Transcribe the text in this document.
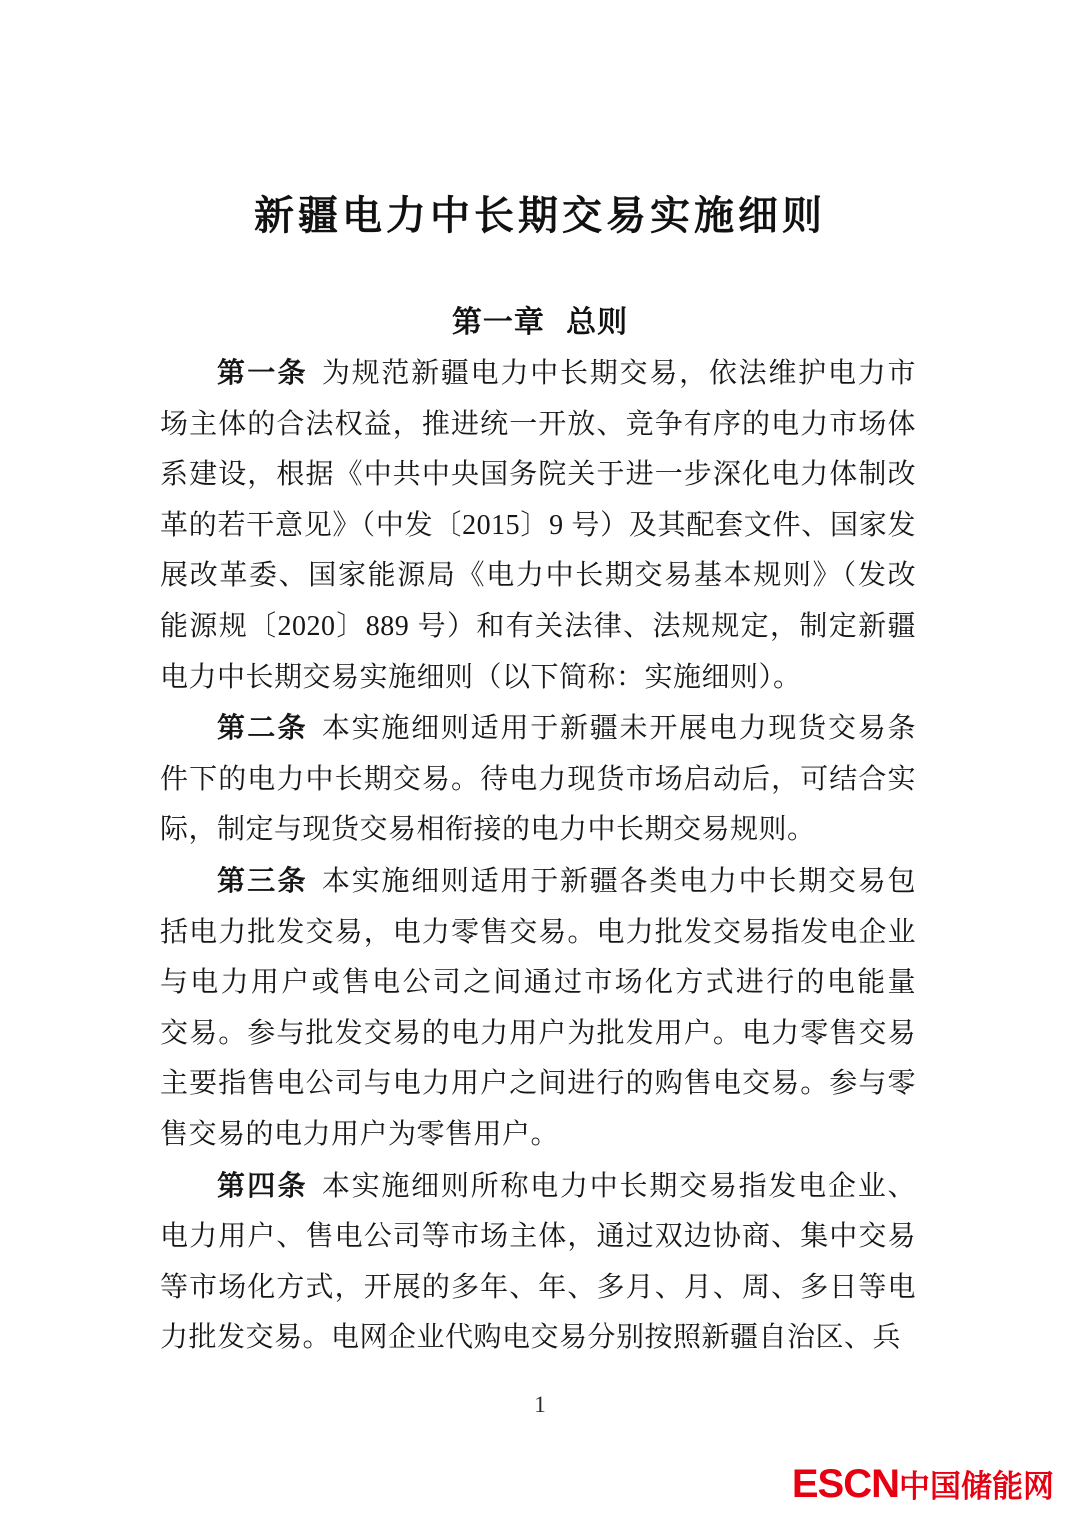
新疆电力中长期交易实施细则
第一章 总则
第一条 为规范新疆电力中长期交易，依法维护电力市
场主体的合法权益，推进统一开放、竞争有序的电力市场体
系建设，根据《中共中央国务院关于进一步深化电力体制改
革的若干意见》（中发〔2015〕9 号）及其配套文件、国家发
展改革委、国家能源局《电力中长期交易基本规则》（发改
能源规〔2020〕889 号）和有关法律、法规规定，制定新疆
电力中长期交易实施细则（以下简称：实施细则）。
第二条 本实施细则适用于新疆未开展电力现货交易条
件下的电力中长期交易。待电力现货市场启动后，可结合实
际，制定与现货交易相衔接的电力中长期交易规则。
第三条 本实施细则适用于新疆各类电力中长期交易包
括电力批发交易，电力零售交易。电力批发交易指发电企业
与电力用户或售电公司之间通过市场化方式进行的电能量
交易。参与批发交易的电力用户为批发用户。电力零售交易
主要指售电公司与电力用户之间进行的购售电交易。参与零
售交易的电力用户为零售用户。
第四条 本实施细则所称电力中长期交易指发电企业、
电力用户、售电公司等市场主体，通过双边协商、集中交易
等市场化方式，开展的多年、年、多月、月、周、多日等电
力批发交易。电网企业代购电交易分别按照新疆自治区、兵
1
ESCN中国储能网
